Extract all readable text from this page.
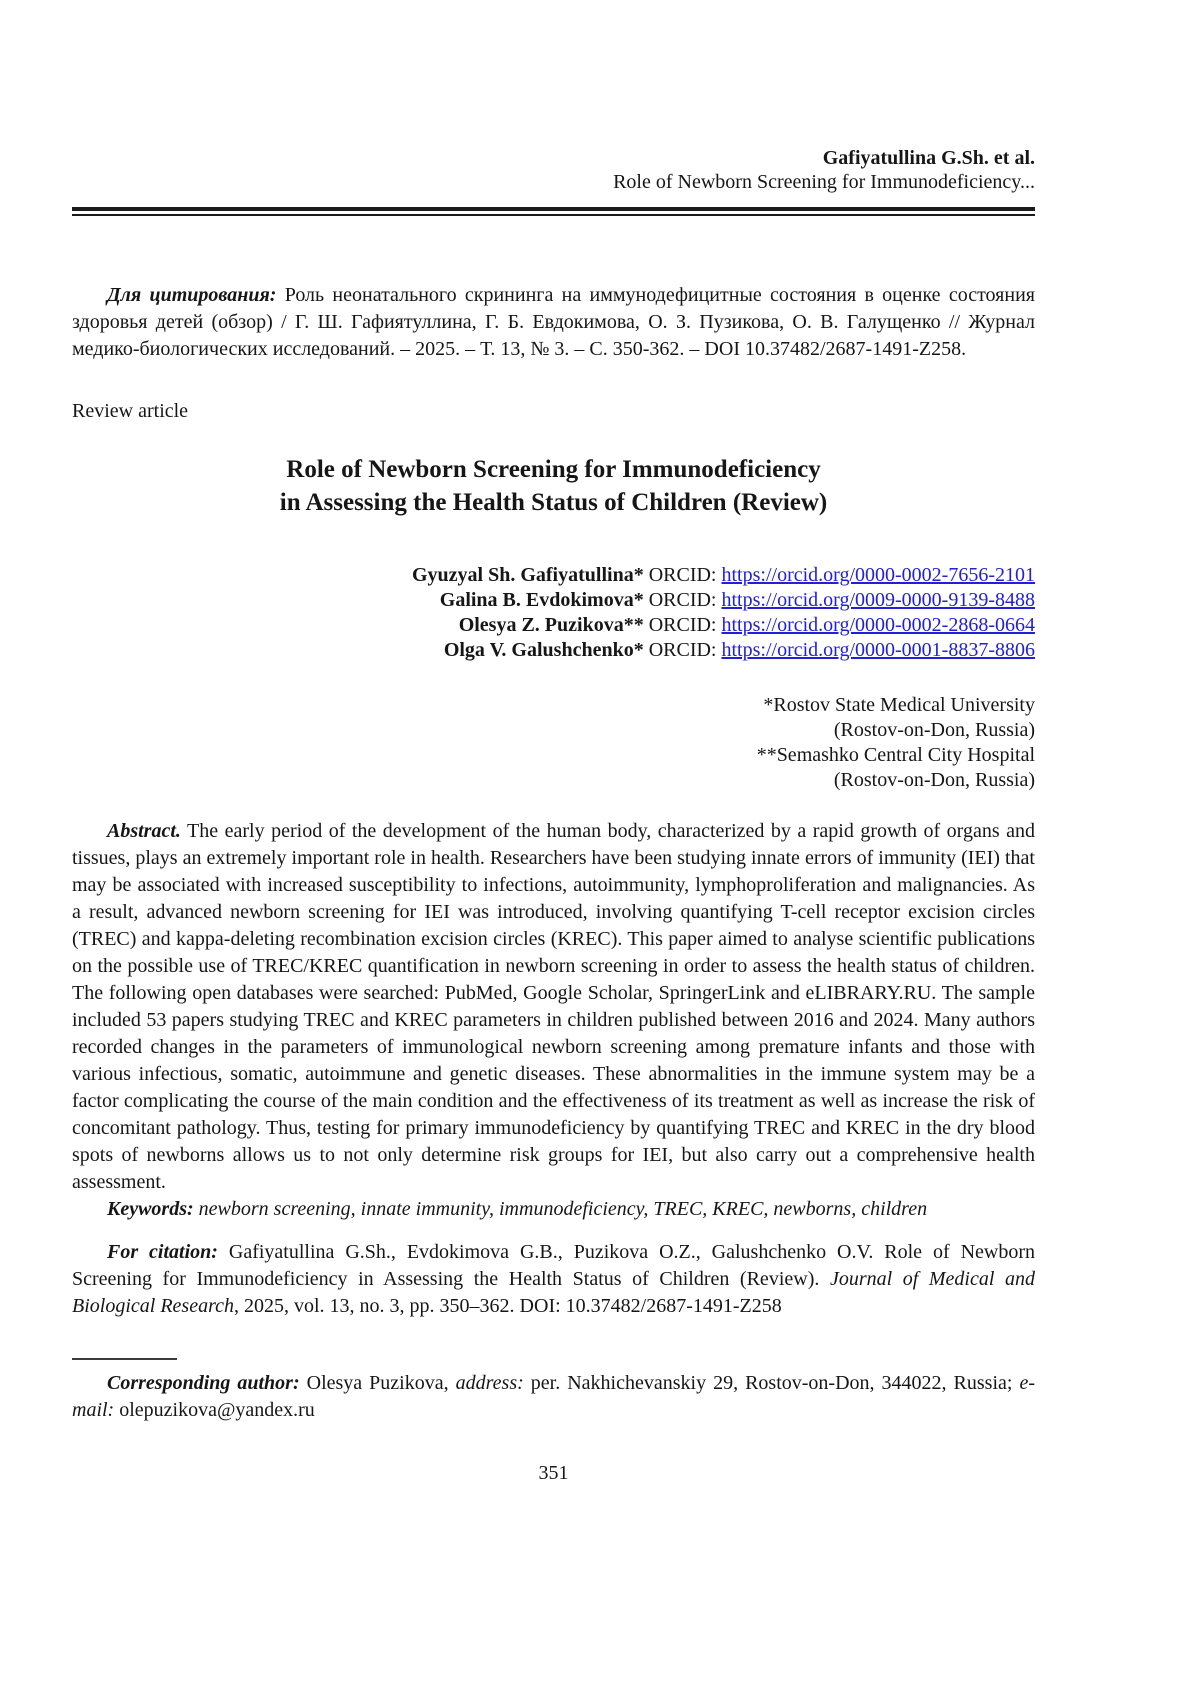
Gafiyatullina G.Sh. et al.
Role of Newborn Screening for Immunodeficiency...

Для цитирования: Роль неонатального скрининга на иммунодефицитные состояния в оценке состояния здоровья детей (обзор) / Г. Ш. Гафиятуллина, Г. Б. Евдокимова, О. З. Пузикова, О. В. Галущенко // Журнал медико-биологических исследований. – 2025. – Т. 13, № 3. – С. 350-362. – DOI 10.37482/2687-1491-Z258.

Review article
Role of Newborn Screening for Immunodeficiency
in Assessing the Health Status of Children (Review)
Gyuzyal Sh. Gafiyatullina* ORCID: https://orcid.org/0000-0002-7656-2101
Galina B. Evdokimova* ORCID: https://orcid.org/0009-0000-9139-8488
Olesya Z. Puzikova** ORCID: https://orcid.org/0000-0002-2868-0664
Olga V. Galushchenko* ORCID: https://orcid.org/0000-0001-8837-8806
*Rostov State Medical University
(Rostov-on-Don, Russia)
**Semashko Central City Hospital
(Rostov-on-Don, Russia)

Abstract. The early period of the development of the human body, characterized by a rapid growth of organs and tissues, plays an extremely important role in health. Researchers have been studying innate errors of immunity (IEI) that may be associated with increased susceptibility to infections, autoimmunity, lymphoproliferation and malignancies. As a result, advanced newborn screening for IEI was introduced, involving quantifying T-cell receptor excision circles (TREC) and kappa-deleting recombination excision circles (KREC). This paper aimed to analyse scientific publications on the possible use of TREC/KREC quantification in newborn screening in order to assess the health status of children. The following open databases were searched: PubMed, Google Scholar, SpringerLink and eLIBRARY.RU. The sample included 53 papers studying TREC and KREC parameters in children published between 2016 and 2024. Many authors recorded changes in the parameters of immunological newborn screening among premature infants and those with various infectious, somatic, autoimmune and genetic diseases. These abnormalities in the immune system may be a factor complicating the course of the main condition and the effectiveness of its treatment as well as increase the risk of concomitant pathology. Thus, testing for primary immunodeficiency by quantifying TREC and KREC in the dry blood spots of newborns allows us to not only determine risk groups for IEI, but also carry out a comprehensive health assessment.

Keywords: newborn screening, innate immunity, immunodeficiency, TREC, KREC, newborns, children

For citation: Gafiyatullina G.Sh., Evdokimova G.B., Puzikova O.Z., Galushchenko O.V. Role of Newborn Screening for Immunodeficiency in Assessing the Health Status of Children (Review). Journal of Medical and Biological Research, 2025, vol. 13, no. 3, pp. 350–362. DOI: 10.37482/2687-1491-Z258

Corresponding author: Olesya Puzikova, address: per. Nakhichevanskiy 29, Rostov-on-Don, 344022, Russia; e-mail: olepuzikova@yandex.ru

351
